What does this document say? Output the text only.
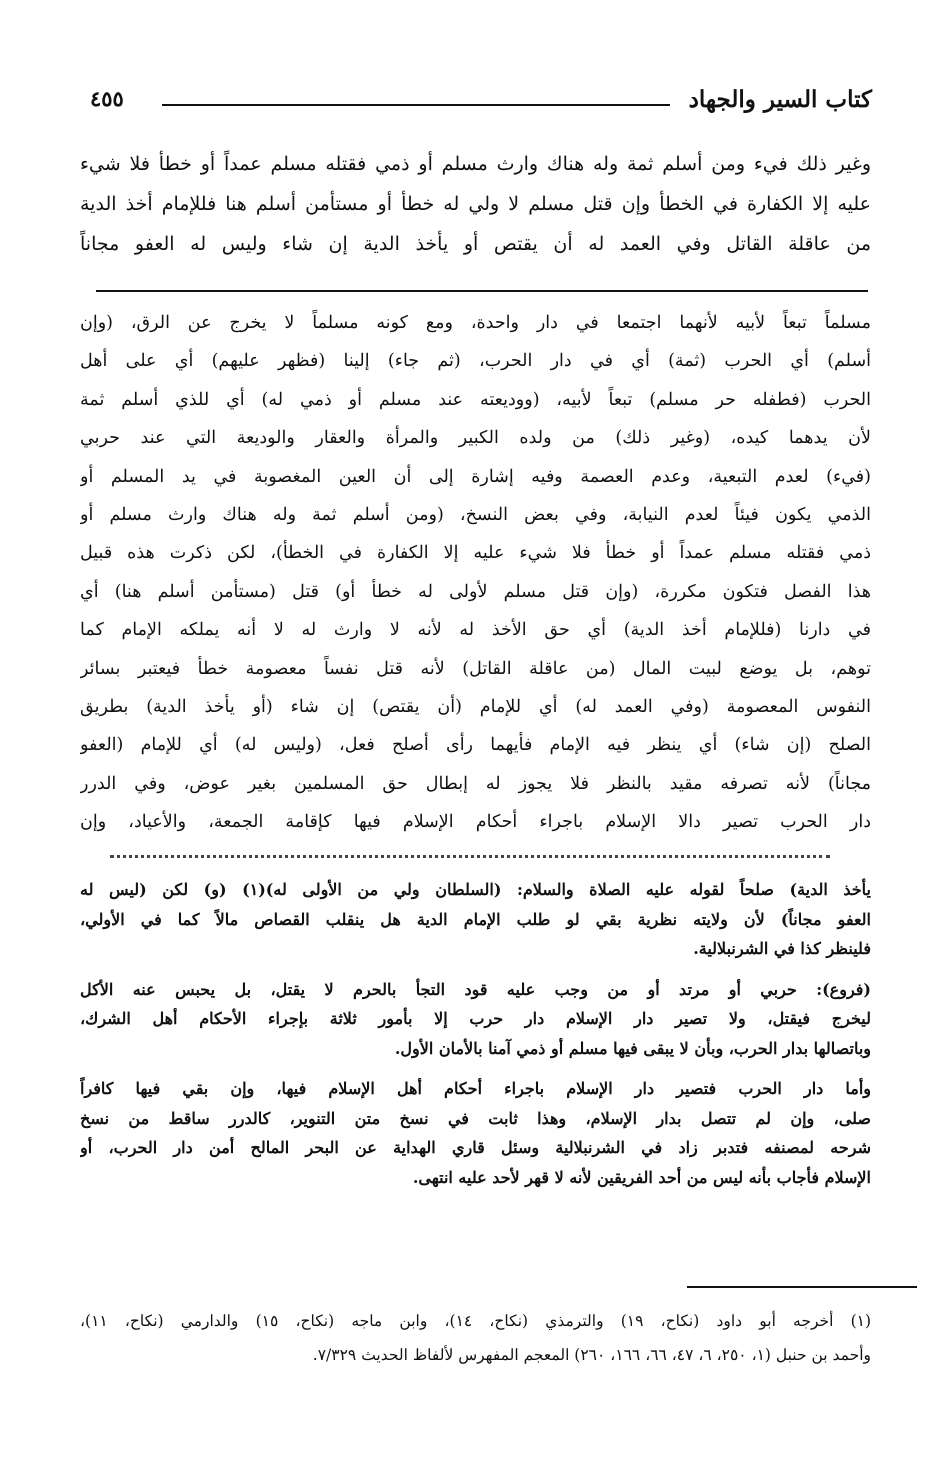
كتاب السير والجهاد
٤٥٥
وغير ذلك فيء ومن أسلم ثمة وله هناك وارث مسلم أو ذمي فقتله مسلم عمداً أو خطأ فلا شيء
عليه إلا الكفارة في الخطأ وإن قتل مسلم لا ولي له خطأ أو مستأمن أسلم هنا فللإمام أخذ الدية
من عاقلة القاتل وفي العمد له أن يقتص أو يأخذ الدية إن شاء وليس له العفو مجاناً
مسلماً تبعاً لأبيه لأنهما اجتمعا في دار واحدة، ومع كونه مسلماً لا يخرج عن الرق، (وإن
أسلم) أي الحرب (ثمة) أي في دار الحرب، (ثم جاء) إلينا (فظهر عليهم) أي على أهل
الحرب (فطفله حر مسلم) تبعاً لأبيه، (ووديعته عند مسلم أو ذمي له) أي للذي أسلم ثمة
لأن يدهما كيده، (وغير ذلك) من ولده الكبير والمرأة والعقار والوديعة التي عند حربي
(فيء) لعدم التبعية، وعدم العصمة وفيه إشارة إلى أن العين المغصوبة في يد المسلم أو
الذمي يكون فيئاً لعدم النيابة، وفي بعض النسخ، (ومن أسلم ثمة وله هناك وارث مسلم أو
ذمي فقتله مسلم عمداً أو خطأ فلا شيء عليه إلا الكفارة في الخطأ)، لكن ذكرت هذه قبيل
هذا الفصل فتكون مكررة، (وإن قتل مسلم لأولى له خطأ أو) قتل (مستأمن أسلم هنا) أي
في دارنا (فللإمام أخذ الدية) أي حق الأخذ له لأنه لا وارث له لا أنه يملكه الإمام كما
توهم، بل يوضع لبيت المال (من عاقلة القاتل) لأنه قتل نفساً معصومة خطأ فيعتبر بسائر
النفوس المعصومة (وفي العمد له) أي للإمام (أن يقتص) إن شاء (أو يأخذ الدية) بطريق
الصلح (إن شاء) أي ينظر فيه الإمام فأيهما رأى أصلح فعل، (وليس له) أي للإمام (العفو
مجاناً) لأنه تصرفه مقيد بالنظر فلا يجوز له إبطال حق المسلمين بغير عوض، وفي الدرر
دار الحرب تصير دالا الإسلام باجراء أحكام الإسلام فيها كإقامة الجمعة، والأعياد، وإن
يأخذ الدية) صلحاً لقوله عليه الصلاة والسلام: (السلطان ولي من الأولى له)(١) (و) لكن (ليس له
العفو مجاناً) لأن ولايته نظرية بقي لو طلب الإمام الدية هل ينقلب القصاص مالاً كما في الأولي،
فلينظر كذا في الشرنبلالية.
(فروع): حربي أو مرتد أو من وجب عليه قود التجأ بالحرم لا يقتل، بل يحبس عنه الأكل
ليخرج فيقتل، ولا تصير دار الإسلام دار حرب إلا بأمور ثلاثة بإجراء الأحكام أهل الشرك،
وباتصالها بدار الحرب، وبأن لا يبقى فيها مسلم أو ذمي آمنا بالأمان الأول.
وأما دار الحرب فتصير دار الإسلام باجراء أحكام أهل الإسلام فيها، وإن بقي فيها كافراً
صلى، وإن لم تتصل بدار الإسلام، وهذا ثابت في نسخ متن التنوير، كالدرر ساقط من نسخ
شرحه لمصنفه فتدبر زاد في الشرنبلالية وسئل قاري الهداية عن البحر المالح أمن دار الحرب، أو
الإسلام فأجاب بأنه ليس من أحد الفريقين لأنه لا قهر لأحد عليه انتهى.
(١) أخرجه أبو داود (نكاح، ١٩) والترمذي (نكاح، ١٤)، وابن ماجه (نكاح، ١٥) والدارمي (نكاح، ١١)،
وأحمد بن حنبل (١، ٢٥٠، ٦، ٤٧، ٦٦، ١٦٦، ٢٦٠) المعجم المفهرس لألفاظ الحديث ٧/٣٢٩.
